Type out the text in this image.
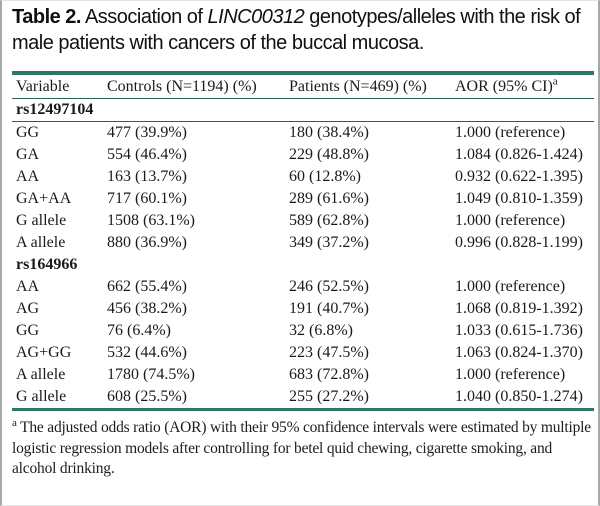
Table 2. Association of LINC00312 genotypes/alleles with the risk of male patients with cancers of the buccal mucosa.
Variable	Controls (N=1194) (%)	Patients (N=469) (%)	AOR (95% CI)$^a$
rs12497104			
GG	477 (39.9%)	180 (38.4%)	1.000 (reference)
GA	554 (46.4%)	229 (48.8%)	1.084 (0.826-1.424)
AA	163 (13.7%)	60 (12.8%)	0.932 (0.622-1.395)
GA+AA	717 (60.1%)	289 (61.6%)	1.049 (0.810-1.359)
G allele	1508 (63.1%)	589 (62.8%)	1.000 (reference)
A allele	880 (36.9%)	349 (37.2%)	0.996 (0.828-1.199)
rs164966			
AA	662 (55.4%)	246 (52.5%)	1.000 (reference)
AG	456 (38.2%)	191 (40.7%)	1.068 (0.819-1.392)
GG	76 (6.4%)	32 (6.8%)	1.033 (0.615-1.736)
AG+GG	532 (44.6%)	223 (47.5%)	1.063 (0.824-1.370)
A allele	1780 (74.5%)	683 (72.8%)	1.000 (reference)
G allele	608 (25.5%)	255 (27.2%)	1.040 (0.850-1.274)
$^a$ The adjusted odds ratio (AOR) with their 95% confidence intervals were estimated by multiple logistic regression models after controlling for betel quid chewing, cigarette smoking, and alcohol drinking.
